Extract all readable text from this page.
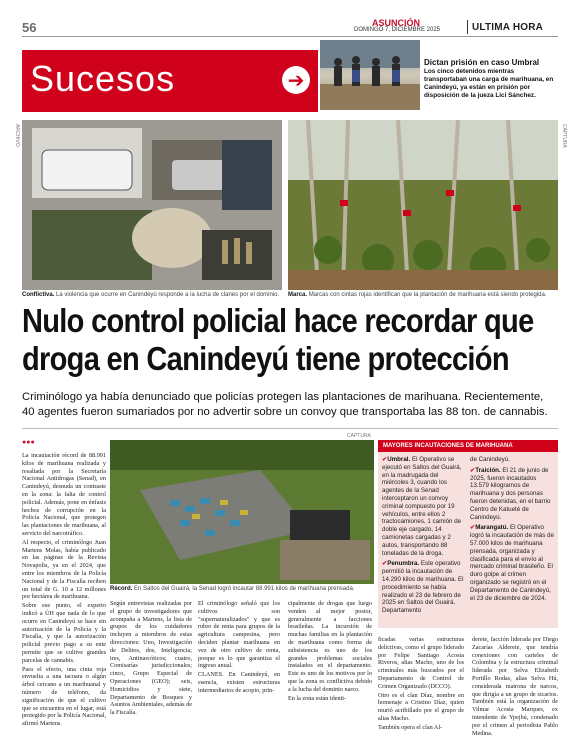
56	ASUNCIÓN
DOMINGO 7, DICIEMBRE 2025	ULTIMA HORA
Sucesos	➔
Dictan prisión en caso Umbral
Los cinco detenidos mientras transportaban una carga de marihuana, en Canindeyú, ya están en prisión por disposición de la jueza Lici Sánchez.
ARCHIVO	CAPTURA
Conflictiva. La violencia que ocurre en Canindeyú responde a la lucha de clanes por el dominio.	Marca. Marcas con cintas rojas identifican que la plantación de marihuana está siendo protegida.
Nulo control policial hace recordar que
droga en Canindeyú tiene protección
Criminólogo ya había denunciado que policías protegen las plantaciones de marihuana. Recientemente, 40 agentes fueron sumariados por no advertir sobre un convoy que transportaba las 88 ton. de cannabis.
●●●

La incautación récord de 88.991 kilos de marihuana realizada y resaltada por la Secretaría Nacional Antidrogas (Senad), en Canindeyú, desnuda un contraste en la zona: la falta de control policial. Además, pone en énfasis hechos de corrupción en la Policía Nacional, que protegen las plantaciones de marihuana, al servicio del narcotráfico.

Al respecto, el criminólogo Juan Martens Molas, había publicado en las páginas de la Revista Novapolis, ya en el 2024, que entre los miembros de la Policía Nacional y de la Fiscalía reciben un total de G. 10 a 12 millones por hectárea de marihuana.

Sobre ese punto, el experto indicó a ÚH que nada de lo que ocurre en Canindeyú se hace sin autorización de la Policía y la Fiscalía, y que la autorización policial previo pago a su ente permite que se cultive grandes parcelas de cannabis.

Para el efecto, una cinta roja envuelta a una tacuara o algún árbol cercano a un marihuanal y número de teléfono, da significación de que el cultivo que se encuentra en el lugar, está protegido por la Policía Nacional, afirmó Martens.

CAPTURA
Récord. En Saltos del Guairá, la Senad logró incautar 88.991 kilos de marihuana prensada.

Según entrevistas realizadas por el grupo de investigadores que acompaña a Martens, la lista de grupos de los cuidadores incluyen a miembros de estas direcciones: Uno, Investigación de Delitos, dos, Inteligencia; tres, Antinarcóticos; cuatro, Comisarías jurisdiccionales; cinco, Grupo Especial de Operaciones (GEO); seis, Homicidios y siete, Departamento de Bosques y Asuntos Ambientales, además de la Fiscalía.

El criminólogo señaló que los cultivos son "supernaturalizados" y que es rubro de renta para grupos de la agricultura campesina, pero deciden plantar marihuana en vez de otro cultivo de renta, porque es lo que garantiza el ingreso anual.

CLANES. En Canindeyú, en esencia, existen estructuras intermediarios de acopio, prin-

cipalmente de drogas que luego venden al mejor postor, generalmente a facciones brasileñas. La incursión de muchas familias en la plantación de marihuana como forma de subsistencia es uno de los grandes problemas sociales instalados en el departamento. Este es uno de los motivos por lo que la zona es conflictiva debido a la lucha del dominio narco.

En la zona están identi-

ficadas varias estructuras delictivas, como el grupo liderado por Felipe Santiago Acosta Riveros, alias Macho, uno de los criminales más buscados por el Departamento de Control de Crimen Organizado (DCCO).

Otro es el clan Díaz, nombre en homenaje a Cristino Díaz, quien murió acribillado por el grupo de alias Macho.

También opera el clan Al-

derete, facción liderada por Diego Zacarías Alderete, que tendría conexiones con carteles de Colombia y la estructura criminal liderada por Selva Elizabeth Portillo Rodas, alias Selva Hú, considerada matrona de narcos, que dirigía a un grupo de sicarios. También está la organización de Vilmar Acosta Marques, ex intendente de Ypejhú, condenado por el crimen al periodista Pablo Medina.

MAYORES INCAUTACIONES DE MARIHUANA

✔Umbral. El Operativo se ejecutó en Saltos del Guairá, en la madrugada del miércoles 3, cuando los agentes de la Senad interceptaron un convoy criminal compuesto por 19 vehículos, entre ellos 2 tractocamiones, 1 camión de doble eje cargado, 14 camionetas cargadas y 2 autos, transportando 88 toneladas de la droga.

✔Penumbra. Este operativo permitió la incautación de 14.290 kilos de marihuana. El procedimiento se había realizado el 23 de febrero de 2025 en Saltos del Guairá. Departamento

de Canindeyú.

✔Traición. El 21 de junio de 2025, fueron incautados 13.579 kilogramos de marihuana y dos personas fueron detenidas, en el barrio Centro de Katueté de Canindeyú.

✔Marangatú. El Operativo logró la incautación de más de 57.000 kilos de marihuana prensada, organizada y clasificada para el envío al mercado criminal brasileño. El duro golpe al crimen organizado se registró en el Departamento de Canindeyú, el 23 de diciembre de 2024.
